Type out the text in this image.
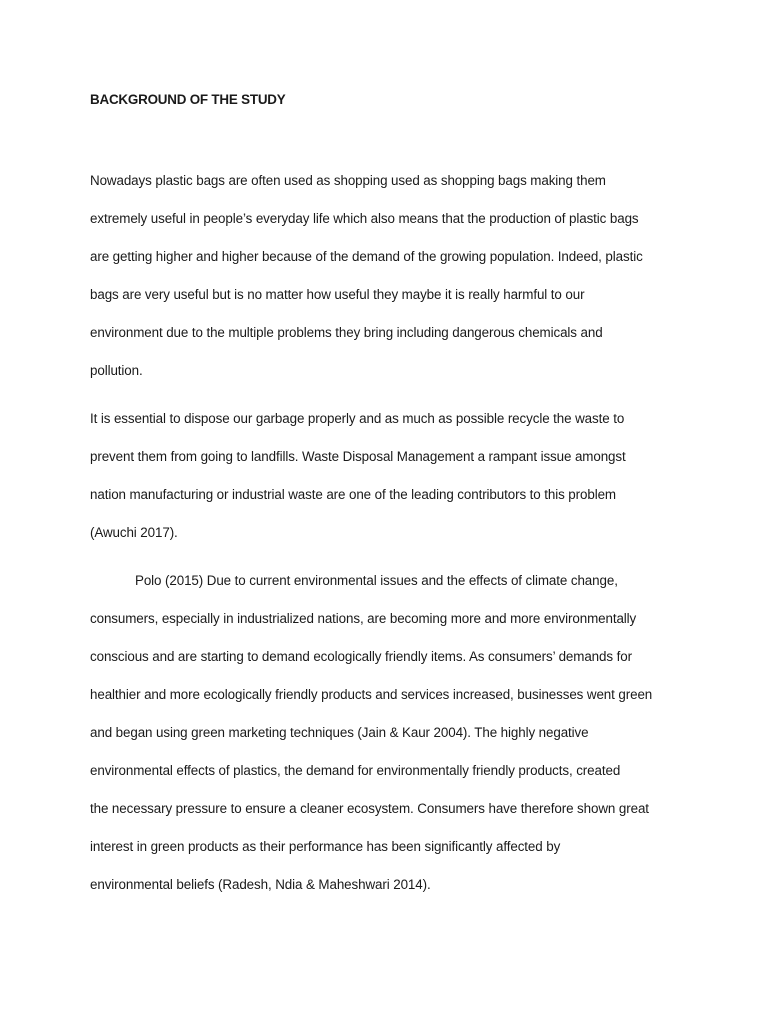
BACKGROUND OF THE STUDY
Nowadays plastic bags are often used as shopping used as shopping bags making them
extremely useful in people’s everyday life which also means that the production of plastic bags
are getting higher and higher because of the demand of the growing population. Indeed, plastic
bags are very useful but is no matter how useful they maybe it is really harmful to our
environment due to the multiple problems they bring including dangerous chemicals and
pollution.
It is essential to dispose our garbage properly and as much as possible recycle the waste to
prevent them from going to landfills. Waste Disposal Management a rampant issue amongst
nation manufacturing or industrial waste are one of the leading contributors to this problem
(Awuchi 2017).
Polo (2015) Due to current environmental issues and the effects of climate change,
consumers, especially in industrialized nations, are becoming more and more environmentally
conscious and are starting to demand ecologically friendly items. As consumers’ demands for
healthier and more ecologically friendly products and services increased, businesses went green
and began using green marketing techniques (Jain & Kaur 2004). The highly negative
environmental effects of plastics, the demand for environmentally friendly products, created
the necessary pressure to ensure a cleaner ecosystem. Consumers have therefore shown great
interest in green products as their performance has been significantly affected by
environmental beliefs (Radesh, Ndia & Maheshwari 2014).
